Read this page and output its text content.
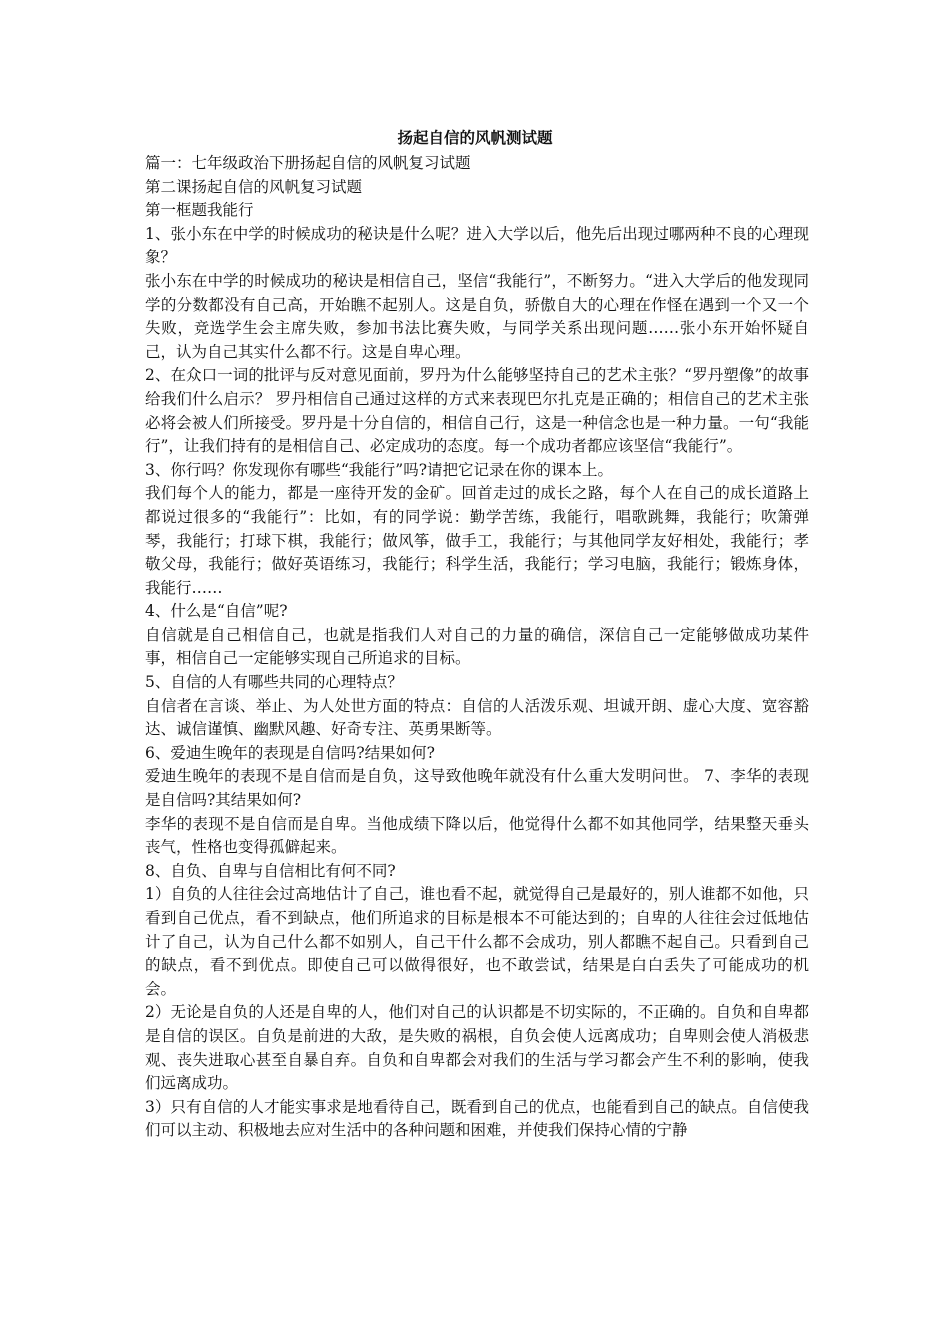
扬起自信的风帆测试题

篇一：七年级政治下册扬起自信的风帆复习试题

第二课扬起自信的风帆复习试题

第一框题我能行

1、张小东在中学的时候成功的秘诀是什么呢？进入大学以后，他先后出现过哪两种不良的心理现象？

张小东在中学的时候成功的秘诀是相信自己，坚信“我能行”，不断努力。“进入大学后的他发现同学的分数都没有自己高，开始瞧不起别人。这是自负，骄傲自大的心理在作怪在遇到一个又一个失败，竞选学生会主席失败，参加书法比赛失败，与同学关系出现问题……张小东开始怀疑自己，认为自己其实什么都不行。这是自卑心理。

2、在众口一词的批评与反对意见面前，罗丹为什么能够坚持自己的艺术主张？“罗丹塑像”的故事给我们什么启示？ 罗丹相信自己通过这样的方式来表现巴尔扎克是正确的；相信自己的艺术主张必将会被人们所接受。罗丹是十分自信的，相信自己行，这是一种信念也是一种力量。一句“我能行”，让我们持有的是相信自己、必定成功的态度。每一个成功者都应该坚信“我能行”。

3、你行吗？你发现你有哪些“我能行”吗?请把它记录在你的课本上。

我们每个人的能力，都是一座待开发的金矿。回首走过的成长之路，每个人在自己的成长道路上都说过很多的“我能行”：比如，有的同学说：勤学苦练，我能行，唱歌跳舞，我能行；吹箫弹琴，我能行；打球下棋，我能行；做风筝，做手工，我能行；与其他同学友好相处，我能行；孝敬父母，我能行；做好英语练习，我能行；科学生活，我能行；学习电脑，我能行；锻炼身体，我能行……

4、什么是“自信”呢?

自信就是自己相信自己，也就是指我们人对自己的力量的确信，深信自己一定能够做成功某件事，相信自己一定能够实现自己所追求的目标。

5、自信的人有哪些共同的心理特点？

自信者在言谈、举止、为人处世方面的特点：自信的人活泼乐观、坦诚开朗、虚心大度、宽容豁达、诚信谨慎、幽默风趣、好奇专注、英勇果断等。

6、爱迪生晚年的表现是自信吗?结果如何?

爱迪生晚年的表现不是自信而是自负，这导致他晚年就没有什么重大发明问世。 7、李华的表现是自信吗?其结果如何?

李华的表现不是自信而是自卑。当他成绩下降以后，他觉得什么都不如其他同学，结果整天垂头丧气，性格也变得孤僻起来。

8、自负、自卑与自信相比有何不同?

1）自负的人往往会过高地估计了自己，谁也看不起，就觉得自己是最好的，别人谁都不如他，只看到自己优点，看不到缺点，他们所追求的目标是根本不可能达到的；自卑的人往往会过低地估计了自己，认为自己什么都不如别人，自己干什么都不会成功，别人都瞧不起自己。只看到自己的缺点，看不到优点。即使自己可以做得很好，也不敢尝试，结果是白白丢失了可能成功的机会。

2）无论是自负的人还是自卑的人，他们对自己的认识都是不切实际的，不正确的。自负和自卑都是自信的误区。自负是前进的大敌，是失败的祸根，自负会使人远离成功；自卑则会使人消极悲观、丧失进取心甚至自暴自弃。自负和自卑都会对我们的生活与学习都会产生不利的影响，使我们远离成功。

3）只有自信的人才能实事求是地看待自己，既看到自己的优点，也能看到自己的缺点。自信使我们可以主动、积极地去应对生活中的各种问题和困难，并使我们保持心情的宁静
